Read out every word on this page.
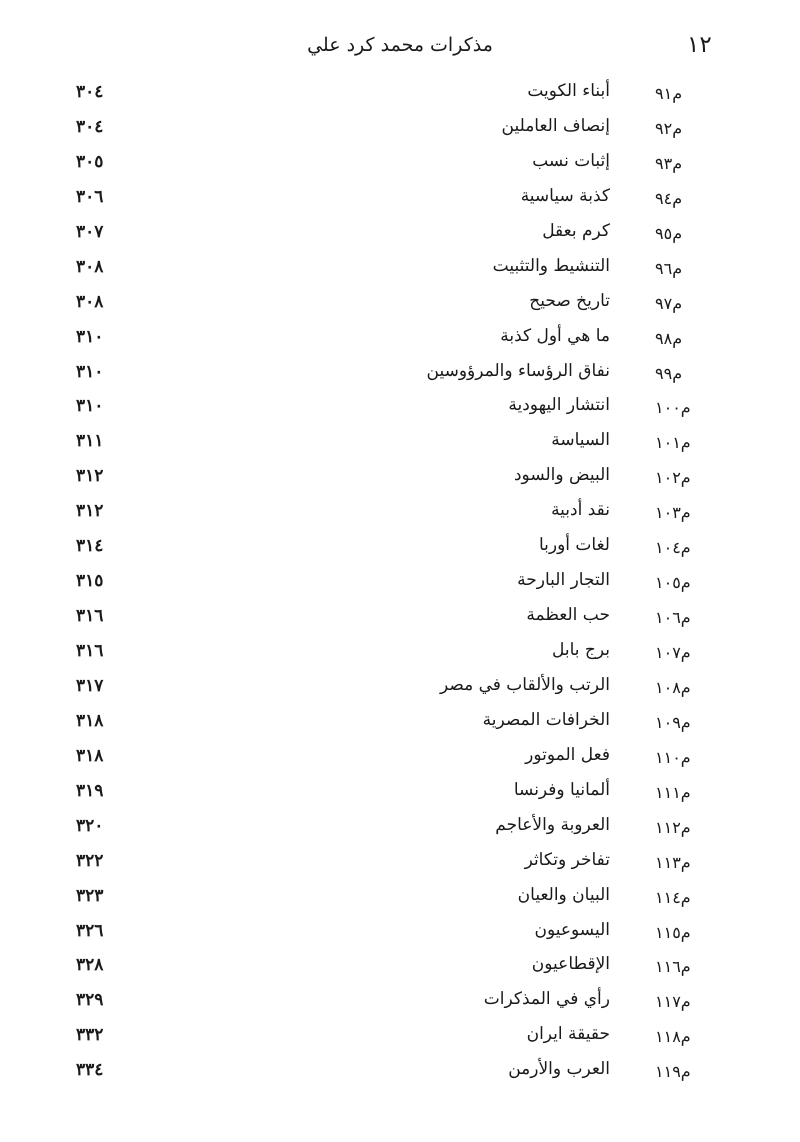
١٢
مذكرات محمد كرد علي
م٩١
أبناء الكويت
٣٠٤
م٩٢
إنصاف العاملين
٣٠٤
م٩٣
إثبات نسب
٣٠٥
م٩٤
كذبة سياسية
٣٠٦
م٩٥
كرم بعقل
٣٠٧
م٩٦
التنشيط والتثبيت
٣٠٨
م٩٧
تاريخ صحيح
٣٠٨
م٩٨
ما هي أول كذبة
٣١٠
م٩٩
نفاق الرؤساء والمرؤوسين
٣١٠
م١٠٠
انتشار اليهودية
٣١٠
م١٠١
السياسة
٣١١
م١٠٢
البيض والسود
٣١٢
م١٠٣
نقد أدبية
٣١٢
م١٠٤
لغات أوربا
٣١٤
م١٠٥
التجار البارحة
٣١٥
م١٠٦
حب العظمة
٣١٦
م١٠٧
برج بابل
٣١٦
م١٠٨
الرتب والألقاب في مصر
٣١٧
م١٠٩
الخرافات المصرية
٣١٨
م١١٠
فعل الموتور
٣١٨
م١١١
ألمانيا وفرنسا
٣١٩
م١١٢
العروبة والأعاجم
٣٢٠
م١١٣
تفاخر وتكاثر
٣٢٢
م١١٤
البيان والعيان
٣٢٣
م١١٥
اليسوعيون
٣٢٦
م١١٦
الإقطاعيون
٣٢٨
م١١٧
رأي في المذكرات
٣٢٩
م١١٨
حقيقة ايران
٣٣٢
م١١٩
العرب والأرمن
٣٣٤
